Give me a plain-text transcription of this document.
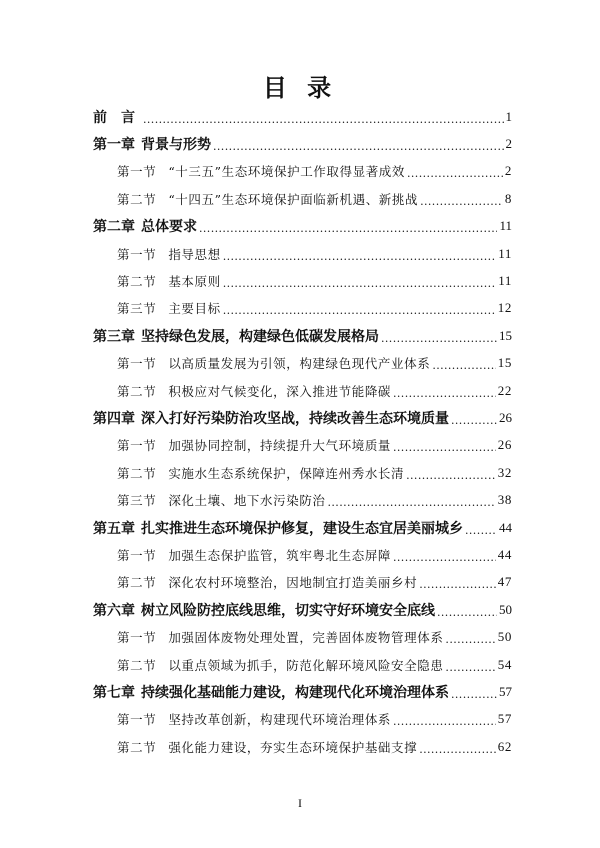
目 录
前　言 .....	1
第一章 背景与形势 .....	2
第一节 “十三五”生态环境保护工作取得显著成效 .....	2
第二节 “十四五”生态环境保护面临新机遇、新挑战 .....	8
第二章 总体要求 .....	11
第一节 指导思想 .....	11
第二节 基本原则 .....	11
第三节 主要目标 .....	12
第三章 坚持绿色发展，构建绿色低碳发展格局 .....	15
第一节 以高质量发展为引领，构建绿色现代产业体系 .....	15
第二节 积极应对气候变化，深入推进节能降碳 .....	22
第四章 深入打好污染防治攻坚战，持续改善生态环境质量 .....	26
第一节 加强协同控制，持续提升大气环境质量 .....	26
第二节 实施水生态系统保护，保障连州秀水长清 .....	32
第三节 深化土壤、地下水污染防治 .....	38
第五章 扎实推进生态环境保护修复，建设生态宜居美丽城乡 .....	44
第一节 加强生态保护监管，筑牢粤北生态屏障 .....	44
第二节 深化农村环境整治，因地制宜打造美丽乡村 .....	47
第六章 树立风险防控底线思维，切实守好环境安全底线 .....	50
第一节 加强固体废物处理处置，完善固体废物管理体系 .....	50
第二节 以重点领域为抓手，防范化解环境风险安全隐患 .....	54
第七章 持续强化基础能力建设，构建现代化环境治理体系 .....	57
第一节 坚持改革创新，构建现代环境治理体系 .....	57
第二节 强化能力建设，夯实生态环境保护基础支撑 .....	62
I
